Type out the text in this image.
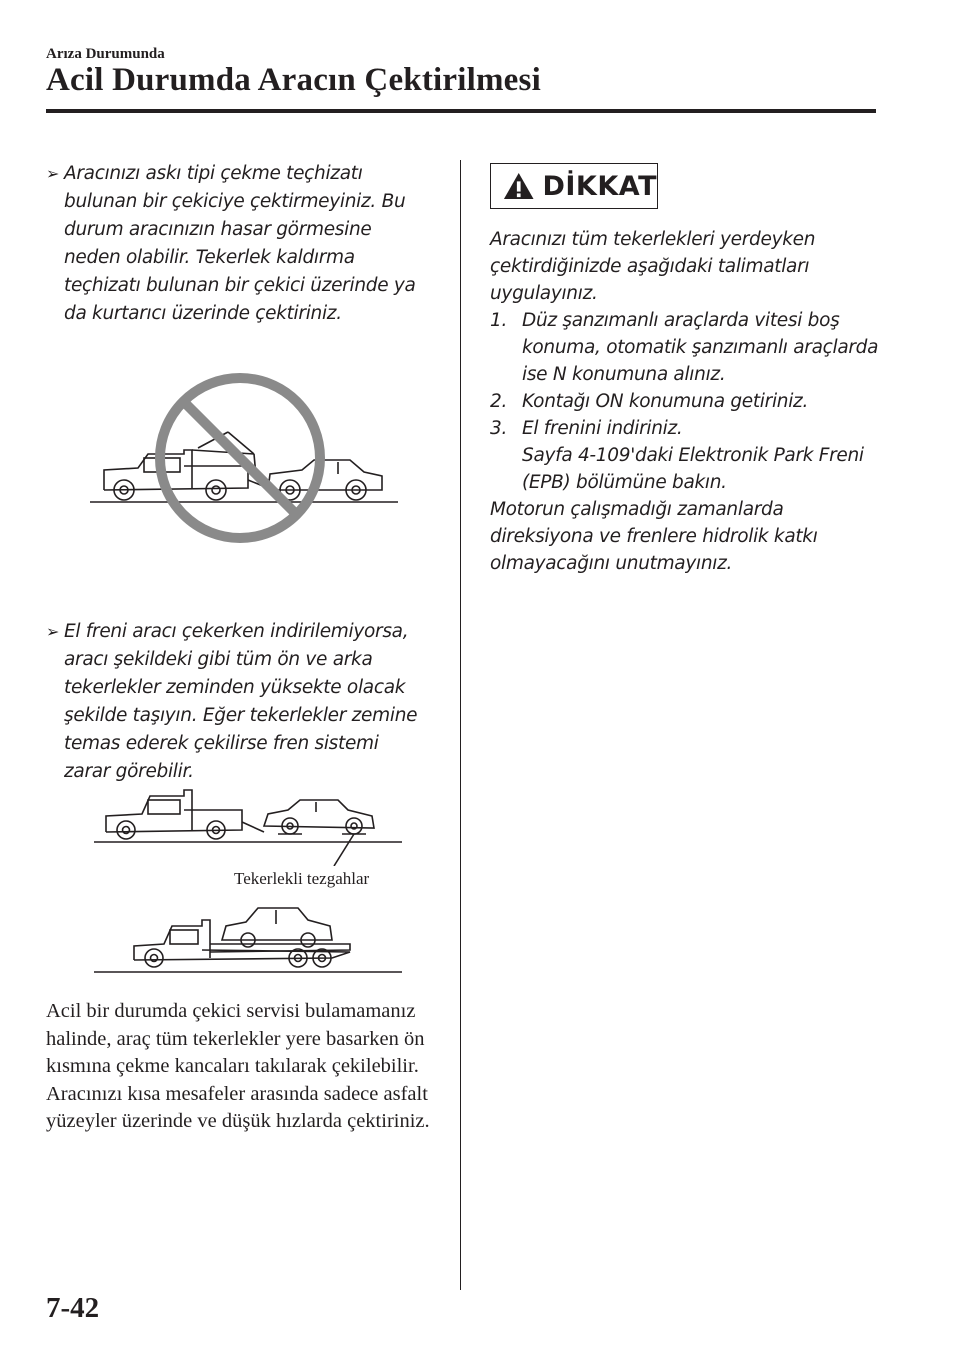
Arıza Durumunda
Acil Durumda Aracın Çektirilmesi
➢ Aracınızı askı tipi çekme teçhizatı bulunan bir çekiciye çektirmeyiniz. Bu durum aracınızın hasar görmesine neden olabilir. Tekerlek kaldırma teçhizatı bulunan bir çekici üzerinde ya da kurtarıcı üzerinde çektiriniz.
➢ El freni aracı çekerken indirilemiyorsa, aracı şekildeki gibi tüm ön ve arka tekerlekler zeminden yüksekte olacak şekilde taşıyın. Eğer tekerlekler zemine temas ederek çekilirse fren sistemi zarar görebilir.
Tekerlekli tezgahlar

Acil bir durumda çekici servisi bulamamanız halinde, araç tüm tekerlekler yere basarken ön kısmına çekme kancaları takılarak çekilebilir.

Aracınızı kısa mesafeler arasında sadece asfalt yüzeyler üzerinde ve düşük hızlarda çektiriniz.

DİKKAT

Aracınızı tüm tekerlekleri yerdeyken çektirdiğinizde aşağıdaki talimatları uygulayınız.

1. Düz şanzımanlı araçlarda vitesi boş konuma, otomatik şanzımanlı araçlarda ise N konumuna alınız.
2. Kontağı ON konumuna getiriniz.
3. El frenini indiriniz.
Sayfa 4-109'daki Elektronik Park Freni (EPB) bölümüne bakın.

Motorun çalışmadığı zamanlarda direksiyona ve frenlere hidrolik katkı olmayacağını unutmayınız.

7-42
